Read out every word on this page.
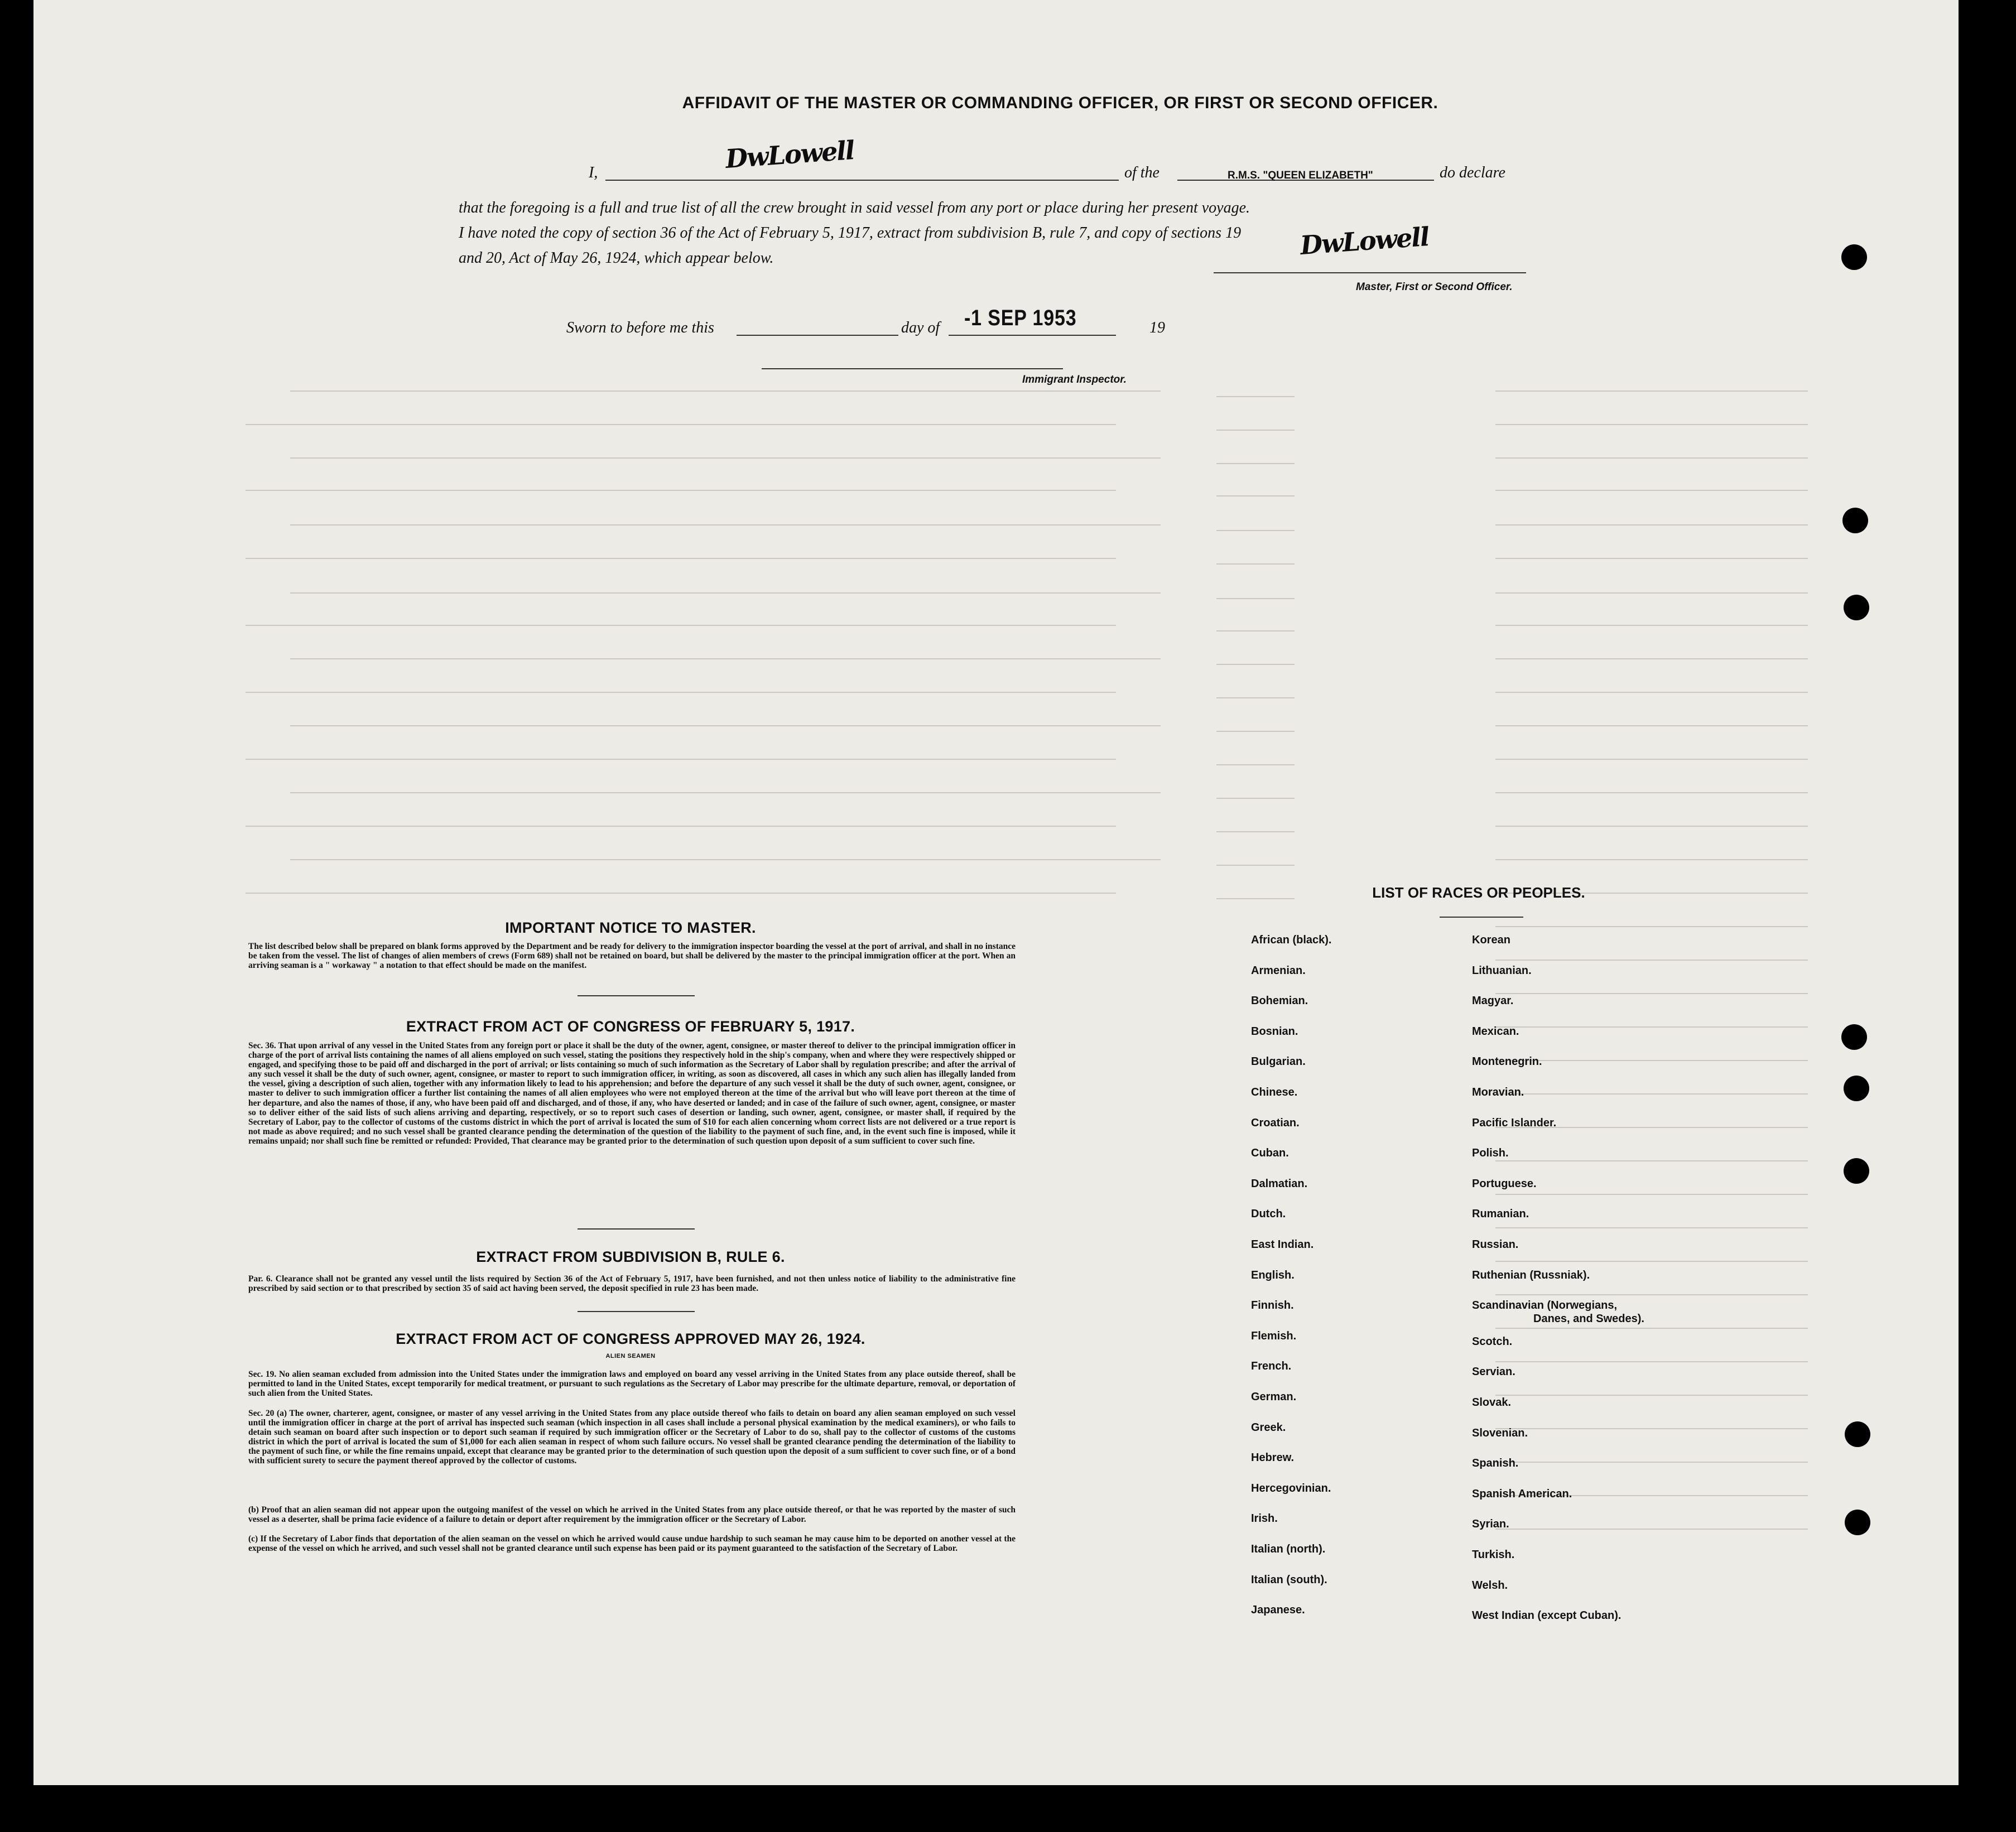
AFFIDAVIT OF THE MASTER OR COMMANDING OFFICER, OR FIRST OR SECOND OFFICER.
I,	of the	R.M.S. "QUEEN ELIZABETH"	do declare
DwLowell
that the foregoing is a full and true list of all the crew brought in said vessel from any port or place during her present voyage.
I have noted the copy of section 36 of the Act of February 5, 1917, extract from subdivision B, rule 7, and copy of sections 19
and 20, Act of May 26, 1924, which appear below.	DwLowell
Master, First or Second Officer.
Sworn to before me this	day of	19
-1 SEP 1953
Immigrant Inspector.
IMPORTANT NOTICE TO MASTER.
The list described below shall be prepared on blank forms approved by the Department and be ready for delivery to the immigration inspector boarding the vessel at the port of arrival, and shall in no instance be taken from the vessel. The list of changes of alien members of crews (Form 689) shall not be retained on board, but shall be delivered by the master to the principal immigration officer at the port. When an arriving seaman is a " workaway " a notation to that effect should be made on the manifest.
EXTRACT FROM ACT OF CONGRESS OF FEBRUARY 5, 1917.
Sec. 36. That upon arrival of any vessel in the United States from any foreign port or place it shall be the duty of the owner, agent, consignee, or master thereof to deliver to the principal immigration officer in charge of the port of arrival lists containing the names of all aliens employed on such vessel, stating the positions they respectively hold in the ship's company, when and where they were respectively shipped or engaged, and specifying those to be paid off and discharged in the port of arrival; or lists containing so much of such information as the Secretary of Labor shall by regulation prescribe; and after the arrival of any such vessel it shall be the duty of such owner, agent, consignee, or master to report to such immigration officer, in writing, as soon as discovered, all cases in which any such alien has illegally landed from the vessel, giving a description of such alien, together with any information likely to lead to his apprehension; and before the departure of any such vessel it shall be the duty of such owner, agent, consignee, or master to deliver to such immigration officer a further list containing the names of all alien employees who were not employed thereon at the time of the arrival but who will leave port thereon at the time of her departure, and also the names of those, if any, who have been paid off and discharged, and of those, if any, who have deserted or landed; and in case of the failure of such owner, agent, consignee, or master so to deliver either of the said lists of such aliens arriving and departing, respectively, or so to report such cases of desertion or landing, such owner, agent, consignee, or master shall, if required by the Secretary of Labor, pay to the collector of customs of the customs district in which the port of arrival is located the sum of $10 for each alien concerning whom correct lists are not delivered or a true report is not made as above required; and no such vessel shall be granted clearance pending the determination of the question of the liability to the payment of such fine, and, in the event such fine is imposed, while it remains unpaid; nor shall such fine be remitted or refunded: Provided, That clearance may be granted prior to the determination of such question upon deposit of a sum sufficient to cover such fine.
EXTRACT FROM SUBDIVISION B, RULE 6.
Par. 6. Clearance shall not be granted any vessel until the lists required by Section 36 of the Act of February 5, 1917, have been furnished, and not then unless notice of liability to the administrative fine prescribed by said section or to that prescribed by section 35 of said act having been served, the deposit specified in rule 23 has been made.
EXTRACT FROM ACT OF CONGRESS APPROVED MAY 26, 1924.
ALIEN SEAMEN
Sec. 19. No alien seaman excluded from admission into the United States under the immigration laws and employed on board any vessel arriving in the United States from any place outside thereof, shall be permitted to land in the United States, except temporarily for medical treatment, or pursuant to such regulations as the Secretary of Labor may prescribe for the ultimate departure, removal, or deportation of such alien from the United States.
Sec. 20 (a) The owner, charterer, agent, consignee, or master of any vessel arriving in the United States from any place outside thereof who fails to detain on board any alien seaman employed on such vessel until the immigration officer in charge at the port of arrival has inspected such seaman (which inspection in all cases shall include a personal physical examination by the medical examiners), or who fails to detain such seaman on board after such inspection or to deport such seaman if required by such immigration officer or the Secretary of Labor to do so, shall pay to the collector of customs of the customs district in which the port of arrival is located the sum of $1,000 for each alien seaman in respect of whom such failure occurs. No vessel shall be granted clearance pending the determination of the liability to the payment of such fine, or while the fine remains unpaid, except that clearance may be granted prior to the determination of such question upon the deposit of a sum sufficient to cover such fine, or of a bond with sufficient surety to secure the payment thereof approved by the collector of customs.
(b) Proof that an alien seaman did not appear upon the outgoing manifest of the vessel on which he arrived in the United States from any place outside thereof, or that he was reported by the master of such vessel as a deserter, shall be prima facie evidence of a failure to detain or deport after requirement by the immigration officer or the Secretary of Labor.
(c) If the Secretary of Labor finds that deportation of the alien seaman on the vessel on which he arrived would cause undue hardship to such seaman he may cause him to be deported on another vessel at the expense of the vessel on which he arrived, and such vessel shall not be granted clearance until such expense has been paid or its payment guaranteed to the satisfaction of the Secretary of Labor.
LIST OF RACES OR PEOPLES.
Danes, and Swedes).
African (black).
Armenian.
Bohemian.
Bosnian.
Bulgarian.
Chinese.
Croatian.
Cuban.
Dalmatian.
Dutch.
East Indian.
English.
Finnish.
Flemish.
French.
German.
Greek.
Hebrew.
Hercegovinian.
Irish.
Italian (north).
Italian (south).
Japanese.
Korean
Lithuanian.
Magyar.
Mexican.
Montenegrin.
Moravian.
Pacific Islander.
Polish.
Portuguese.
Rumanian.
Russian.
Ruthenian (Russniak).
Scandinavian (Norwegians,
Scotch.
Servian.
Slovak.
Slovenian.
Spanish.
Spanish American.
Syrian.
Turkish.
Welsh.
West Indian (except Cuban).
